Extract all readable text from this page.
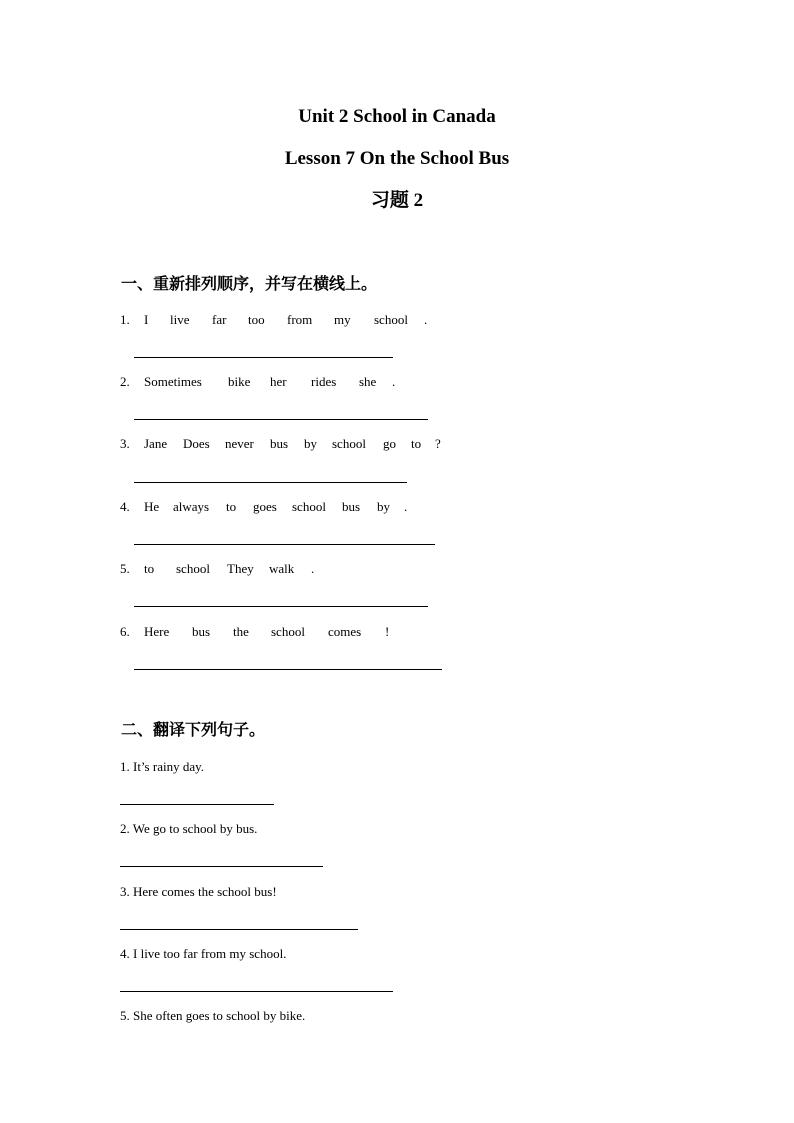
Unit 2 School in Canada
Lesson 7 On the School Bus
习题 2
一、重新排列顺序，并写在横线上。
1. I live far too from my school .
2. Sometimes bike her rides she .
3. Jane Does never bus by school go to ?
4. He always to goes school bus by .
5. to school They walk .
6. Here bus the school comes !
二、翻译下列句子。
1. It’s rainy day.
2. We go to school by bus.
3. Here comes the school bus!
4. I live too far from my school.
5. She often goes to school by bike.
